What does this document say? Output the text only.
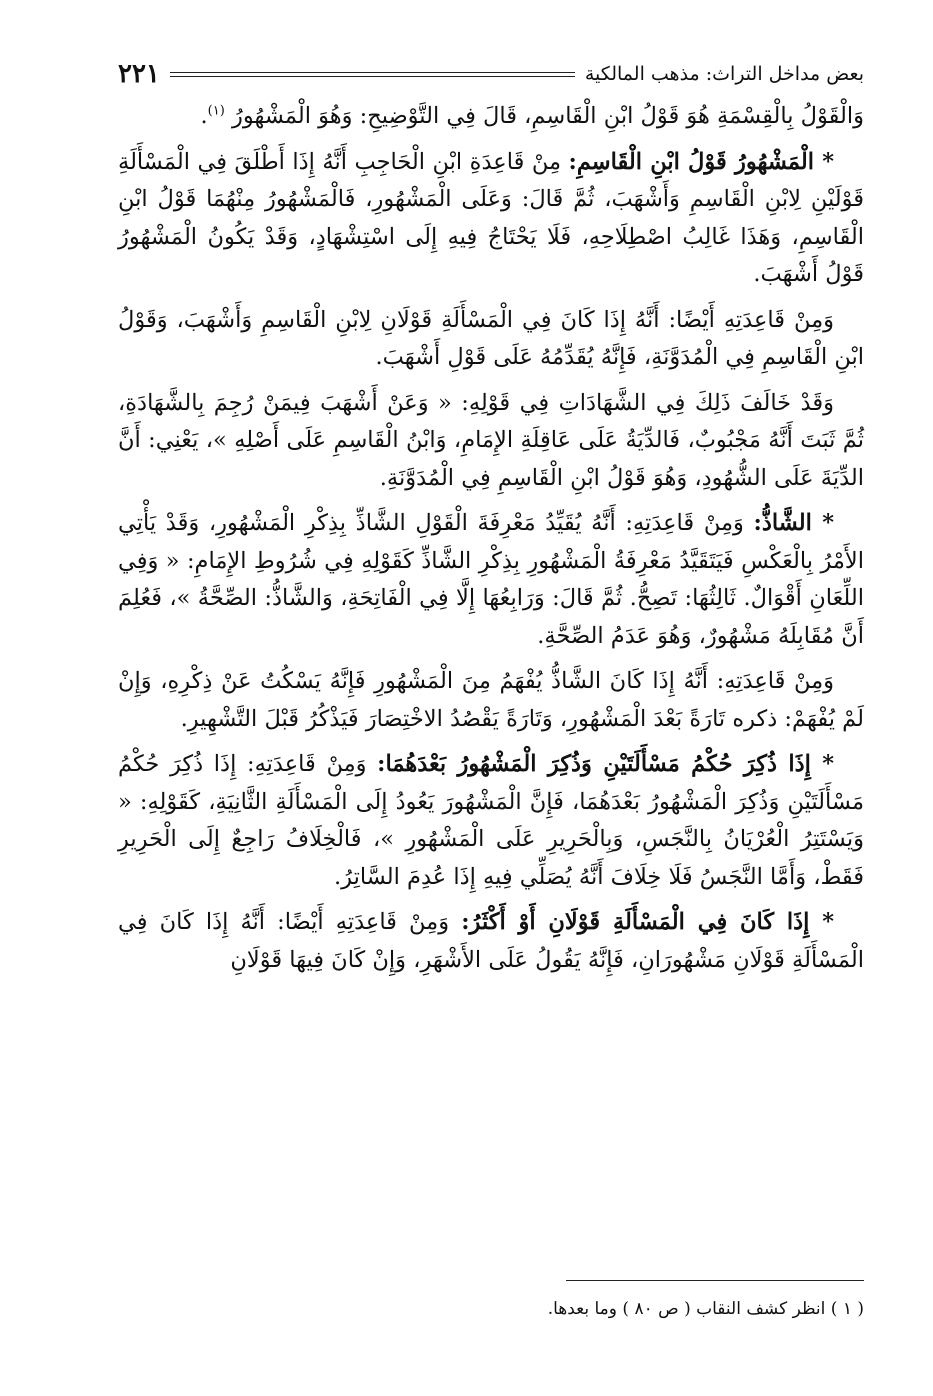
بعض مداخل التراث: مذهب المالكية
٢٢١

وَالْقَوْلُ بِالْقِسْمَةِ هُوَ قَوْلُ ابْنِ الْقَاسِمِ، قَالَ فِي التَّوْضِيحِ: وَهُوَ الْمَشْهُورُ $^{(١)}$.

* الْمَشْهُورُ قَوْلُ ابْنِ الْقَاسِمِ: مِنْ قَاعِدَةِ ابْنِ الْحَاجِبِ أَنَّهُ إِذَا أَطْلَقَ فِي الْمَسْأَلَةِ قَوْلَيْنِ لِابْنِ الْقَاسِمِ وَأَشْهَبَ، ثُمَّ قَالَ: وَعَلَى الْمَشْهُورِ، فَالْمَشْهُورُ مِنْهُمَا قَوْلُ ابْنِ الْقَاسِمِ، وَهَذَا غَالِبُ اصْطِلَاحِهِ، فَلَا يَحْتَاجُ فِيهِ إِلَى اسْتِشْهَادٍ، وَقَدْ يَكُونُ الْمَشْهُورُ قَوْلُ أَشْهَبَ.

وَمِنْ قَاعِدَتِهِ أَيْضًا: أَنَّهُ إِذَا كَانَ فِي الْمَسْأَلَةِ قَوْلَانِ لِابْنِ الْقَاسِمِ وَأَشْهَبَ، وَقَوْلُ ابْنِ الْقَاسِمِ فِي الْمُدَوَّنَةِ، فَإِنَّهُ يُقَدِّمُهُ عَلَى قَوْلِ أَشْهَبَ.

وَقَدْ خَالَفَ ذَلِكَ فِي الشَّهَادَاتِ فِي قَوْلِهِ: « وَعَنْ أَشْهَبَ فِيمَنْ رُجِمَ بِالشَّهَادَةِ، ثُمَّ ثَبَتَ أَنَّهُ مَجْبُوبٌ، فَالدِّيَةُ عَلَى عَاقِلَةِ الإِمَامِ، وَابْنُ الْقَاسِمِ عَلَى أَصْلِهِ »، يَعْنِي: أَنَّ الدِّيَةَ عَلَى الشُّهُودِ، وَهُوَ قَوْلُ ابْنِ الْقَاسِمِ فِي الْمُدَوَّنَةِ.

* الشَّاذُّ: وَمِنْ قَاعِدَتِهِ: أَنَّهُ يُقَيِّدُ مَعْرِفَةَ الْقَوْلِ الشَّاذِّ بِذِكْرِ الْمَشْهُورِ، وَقَدْ يَأْتِي الأَمْرُ بِالْعَكْسِ فَيَتَقَيَّدُ مَعْرِفَةُ الْمَشْهُورِ بِذِكْرِ الشَّاذِّ كَقَوْلِهِ فِي شُرُوطِ الإِمَامِ: « وَفِي اللِّعَانِ أَقْوَالٌ. ثَالِثُهَا: تَصِحُّ. ثُمَّ قَالَ: وَرَابِعُهَا إِلَّا فِي الْفَاتِحَةِ، وَالشَّاذُّ: الصِّحَّةُ »، فَعُلِمَ أَنَّ مُقَابِلَهُ مَشْهُورٌ، وَهُوَ عَدَمُ الصِّحَّةِ.

وَمِنْ قَاعِدَتِهِ: أَنَّهُ إِذَا كَانَ الشَّاذُّ يُفْهَمُ مِنَ الْمَشْهُورِ فَإِنَّهُ يَسْكُتُ عَنْ ذِكْرِهِ، وَإِنْ لَمْ يُفْهَمْ: ذكره تَارَةً بَعْدَ الْمَشْهُورِ، وَتَارَةً يَقْصُدُ الاخْتِصَارَ فَيَذْكُرُ قَبْلَ التَّشْهِيرِ.

* إِذَا ذُكِرَ حُكْمُ مَسْأَلَتَيْنِ وَذُكِرَ الْمَشْهُورُ بَعْدَهُمَا: وَمِنْ قَاعِدَتِهِ: إِذَا ذُكِرَ حُكْمُ مَسْأَلَتَيْنِ وَذُكِرَ الْمَشْهُورُ بَعْدَهُمَا، فَإِنَّ الْمَشْهُورَ يَعُودُ إِلَى الْمَسْأَلَةِ الثَّانِيَةِ، كَقَوْلِهِ: « وَيَسْتَتِرُ الْعُرْيَانُ بِالنَّجَسِ، وَبِالْحَرِيرِ عَلَى الْمَشْهُورِ »، فَالْخِلَافُ رَاجِعٌ إِلَى الْحَرِيرِ فَقَطْ، وَأَمَّا النَّجَسُ فَلَا خِلَافَ أَنَّهُ يُصَلِّي فِيهِ إِذَا عُدِمَ السَّاتِرُ.

* إِذَا كَانَ فِي الْمَسْأَلَةِ قَوْلَانِ أَوْ أَكْثَرُ: وَمِنْ قَاعِدَتِهِ أَيْضًا: أَنَّهُ إِذَا كَانَ فِي الْمَسْأَلَةِ قَوْلَانِ مَشْهُورَانِ، فَإِنَّهُ يَقُولُ عَلَى الأَشْهَرِ، وَإِنْ كَانَ فِيهَا قَوْلَانِ

( ١ ) انظر كشف النقاب ( ص ٨٠ ) وما بعدها.
